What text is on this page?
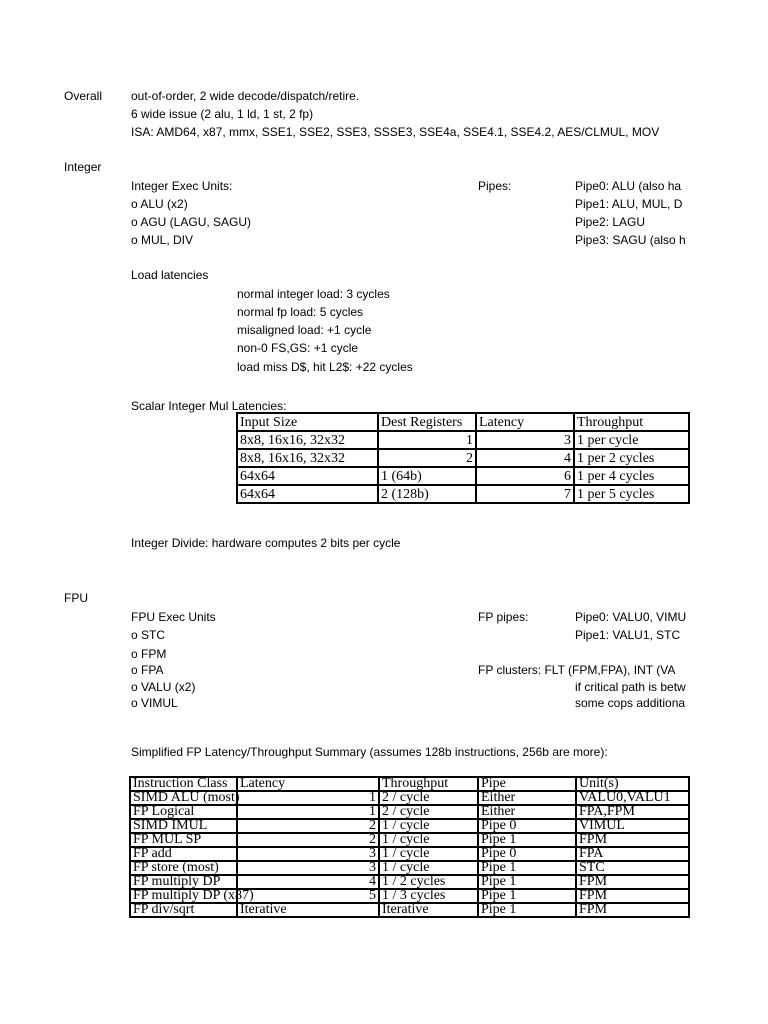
Overall out-of-order, 2 wide decode/dispatch/retire.
6 wide issue (2 alu, 1 ld, 1 st, 2 fp)
ISA: AMD64, x87, mmx, SSE1, SSE2, SSE3, SSSE3, SSE4a, SSE4.1, SSE4.2, AES/CLMUL, MOV
Integer
Integer Exec Units:
o ALU (x2)
o AGU (LAGU, SAGU)
o MUL, DIV
Pipes:	Pipe0: ALU (also ha
Pipe1: ALU, MUL, D
Pipe2: LAGU
Pipe3: SAGU (also h
Load latencies
normal integer load: 3 cycles
normal fp load: 5 cycles
misaligned load: +1 cycle
non-0 FS,GS: +1 cycle
load miss D$, hit L2$: +22 cycles
Scalar Integer Mul Latencies:
Input Size	Dest Registers	Latency	Throughput
8x8, 16x16, 32x32	1	3	1 per cycle
8x8, 16x16, 32x32	2	4	1 per 2 cycles
64x64	1 (64b)	6	1 per 4 cycles
64x64	2 (128b)	7	1 per 5 cycles
Integer Divide: hardware computes 2 bits per cycle
FPU
FPU Exec Units
o STC
o FPM
o FPA
o VALU (x2)
o VIMUL
FP pipes:	Pipe0: VALU0, VIMU
Pipe1: VALU1, STC
FP clusters: FLT (FPM,FPA), INT (VA
if critical path is betw
some cops additiona
Simplified FP Latency/Throughput Summary (assumes 128b instructions, 256b are more):
Instruction Class	Latency	Throughput	Pipe	Unit(s)
SIMD ALU (most)	1	2 / cycle	Either	VALU0,VALU1
FP Logical	1	2 / cycle	Either	FPA,FPM
SIMD IMUL	2	1 / cycle	Pipe 0	VIMUL
FP MUL SP	2	1 / cycle	Pipe 1	FPM
FP add	3	1 / cycle	Pipe 0	FPA
FP store (most)	3	1 / cycle	Pipe 1	STC
FP multiply DP	4	1 / 2 cycles	Pipe 1	FPM
FP multiply DP (x87)	5	1 / 3 cycles	Pipe 1	FPM
FP div/sqrt	Iterative	Iterative	Pipe 1	FPM
